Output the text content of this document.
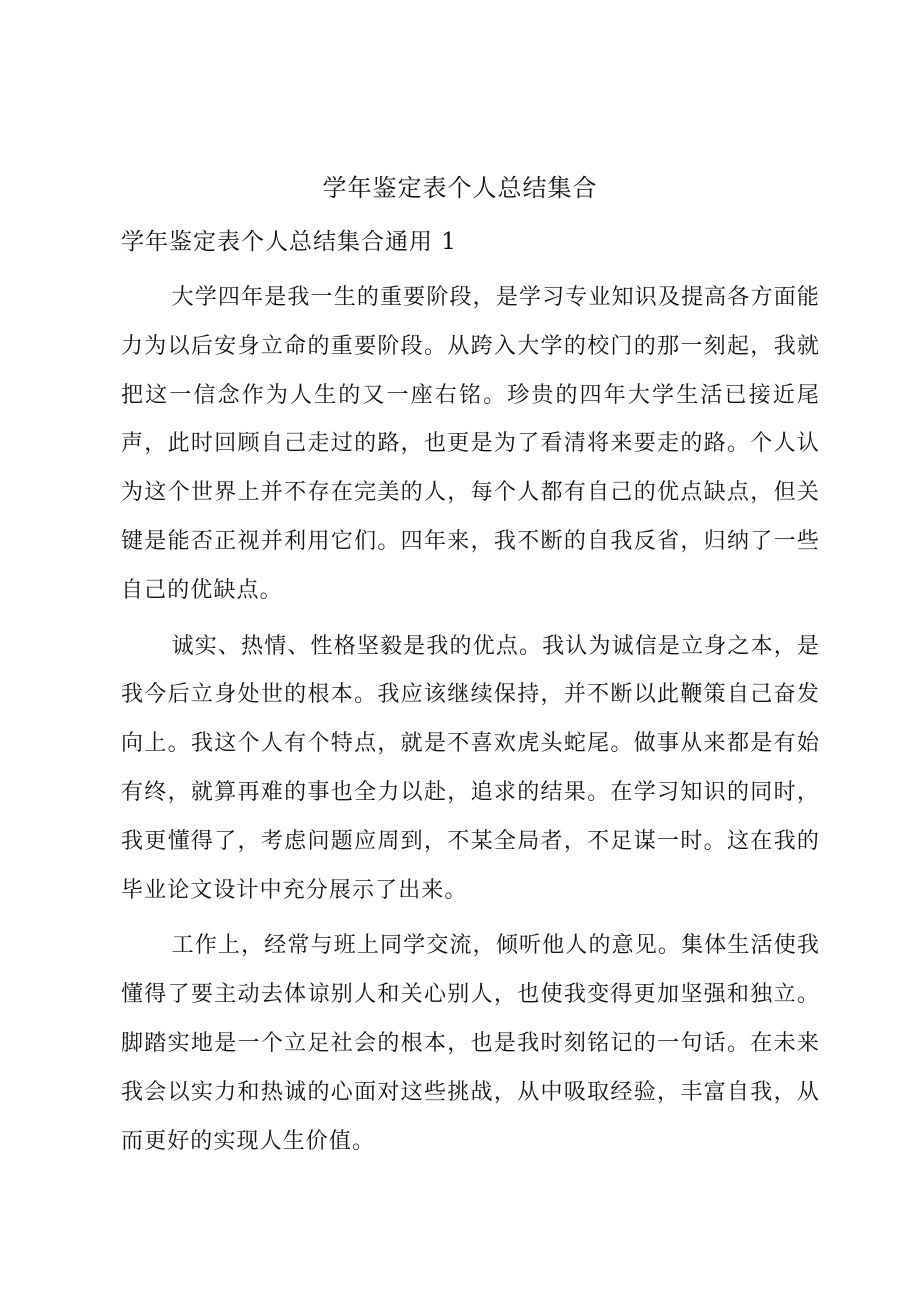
学年鉴定表个人总结集合

学年鉴定表个人总结集合通用 1

大学四年是我一生的重要阶段，是学习专业知识及提高各方面能力为以后安身立命的重要阶段。从跨入大学的校门的那一刻起，我就把这一信念作为人生的又一座右铭。珍贵的四年大学生活已接近尾声，此时回顾自己走过的路，也更是为了看清将来要走的路。个人认为这个世界上并不存在完美的人，每个人都有自己的优点缺点，但关键是能否正视并利用它们。四年来，我不断的自我反省，归纳了一些自己的优缺点。

诚实、热情、性格坚毅是我的优点。我认为诚信是立身之本，是我今后立身处世的根本。我应该继续保持，并不断以此鞭策自己奋发向上。我这个人有个特点，就是不喜欢虎头蛇尾。做事从来都是有始有终，就算再难的事也全力以赴，追求的结果。在学习知识的同时，我更懂得了，考虑问题应周到，不某全局者，不足谋一时。这在我的毕业论文设计中充分展示了出来。

工作上，经常与班上同学交流，倾听他人的意见。集体生活使我懂得了要主动去体谅别人和关心别人，也使我变得更加坚强和独立。脚踏实地是一个立足社会的根本，也是我时刻铭记的一句话。在未来我会以实力和热诚的心面对这些挑战，从中吸取经验，丰富自我，从而更好的实现人生价值。
